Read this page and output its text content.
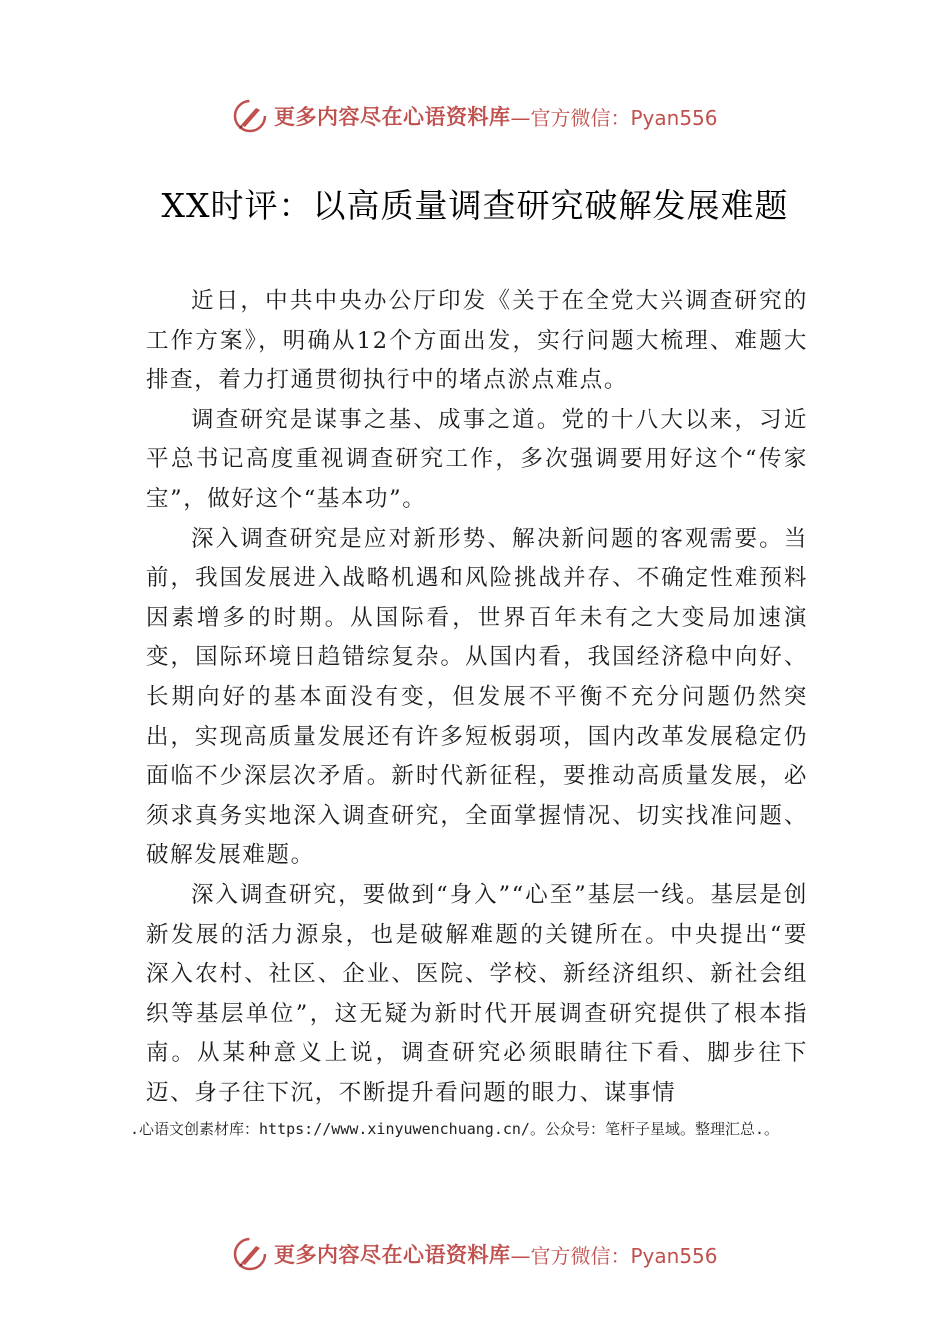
更多内容尽在心语资料库 —官方微信：Pyan556
XX时评：以高质量调查研究破解发展难题

近日，中共中央办公厅印发《关于在全党大兴调查研究的工作方案》，明确从12个方面出发，实行问题大梳理、难题大排查，着力打通贯彻执行中的堵点淤点难点。

调查研究是谋事之基、成事之道。党的十八大以来，习近平总书记高度重视调查研究工作，多次强调要用好这个“传家宝”，做好这个“基本功”。

深入调查研究是应对新形势、解决新问题的客观需要。当前，我国发展进入战略机遇和风险挑战并存、不确定性难预料因素增多的时期。从国际看，世界百年未有之大变局加速演变，国际环境日趋错综复杂。从国内看，我国经济稳中向好、长期向好的基本面没有变，但发展不平衡不充分问题仍然突出，实现高质量发展还有许多短板弱项，国内改革发展稳定仍面临不少深层次矛盾。新时代新征程，要推动高质量发展，必须求真务实地深入调查研究，全面掌握情况、切实找准问题、破解发展难题。

深入调查研究，要做到“身入”“心至”基层一线。基层是创新发展的活力源泉，也是破解难题的关键所在。中央提出“要深入农村、社区、企业、医院、学校、新经济组织、新社会组织等基层单位”，这无疑为新时代开展调查研究提供了根本指南。从某种意义上说，调查研究必须眼睛往下看、脚步往下迈、身子往下沉，不断提升看问题的眼力、谋事情

.心语文创素材库：https://www.xinyuwenchuang.cn/。公众号：笔杆子星域。整理汇总.。
更多内容尽在心语资料库 —官方微信：Pyan556
